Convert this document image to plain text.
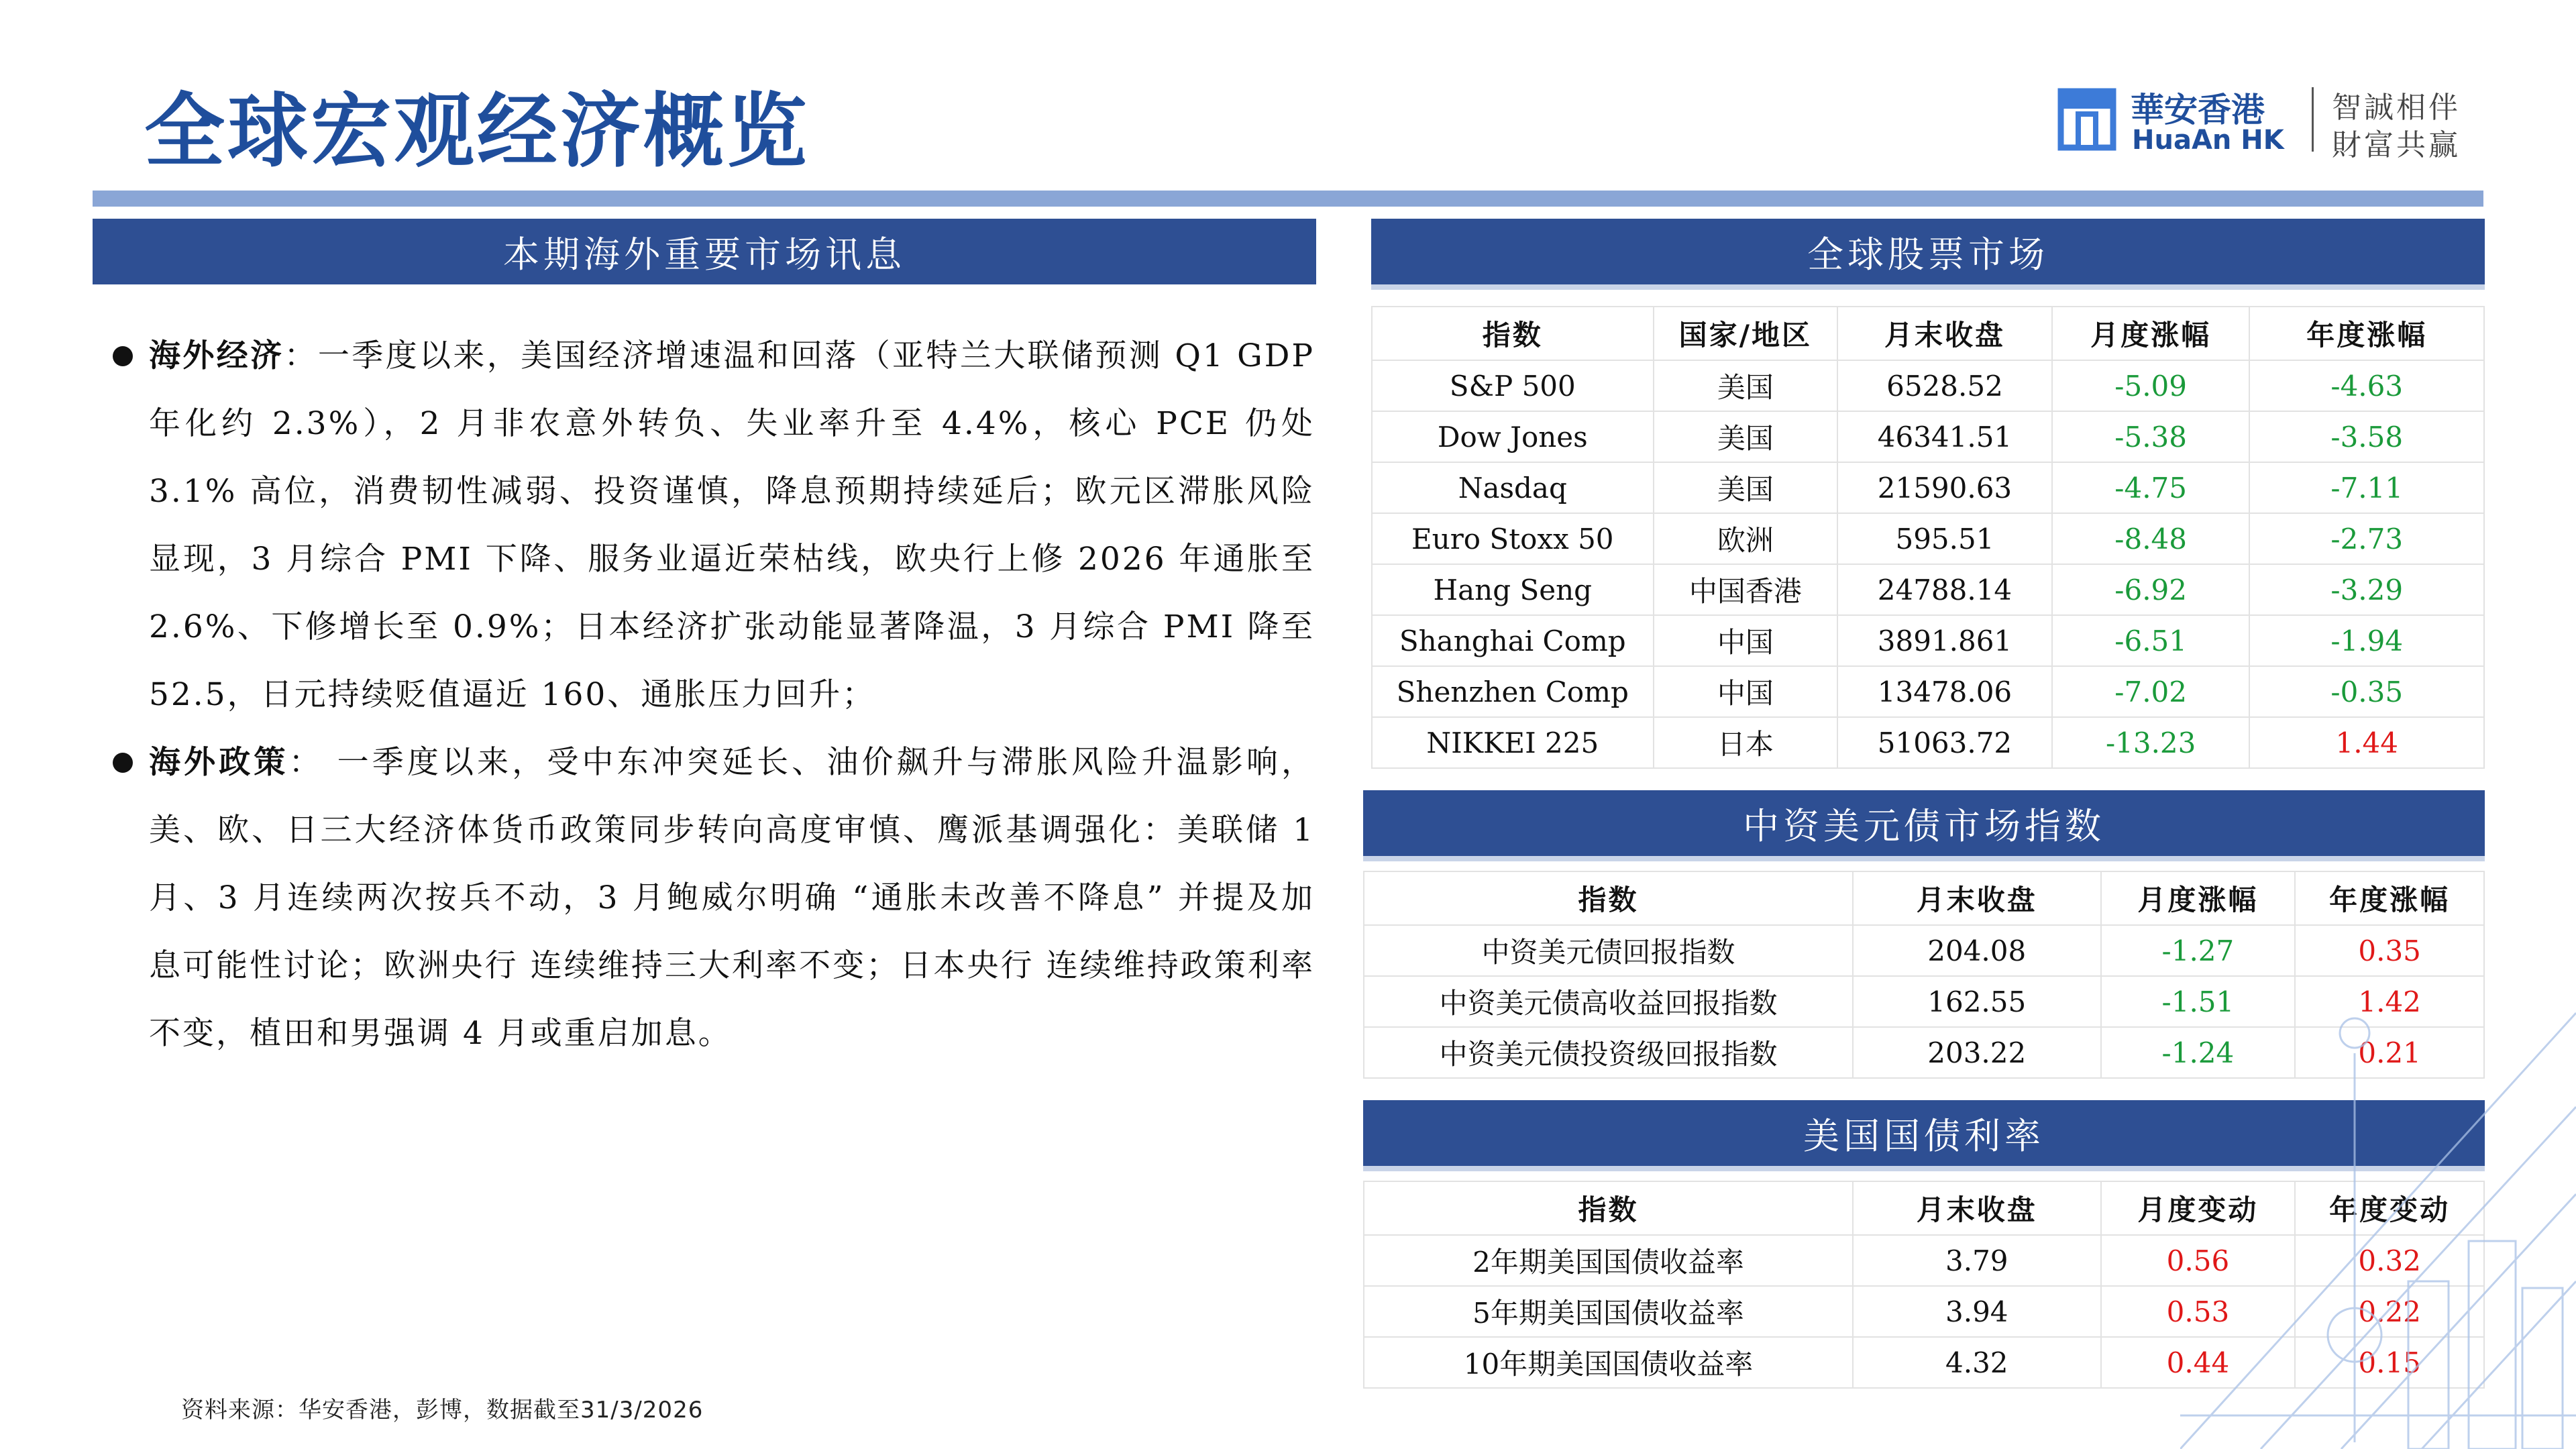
全球宏观经济概览	華安香港
HuaAn HK
智誠相伴
財富共赢
本期海外重要市场讯息
海外经济：一季度以来，美国经济增速温和回落（亚特兰大联储预测 Q1 GDP 年化约 2.3%），2 月非农意外转负、失业率升至 4.4%，核心 PCE 仍处 3.1% 高位，消费韧性减弱、投资谨慎，降息预期持续延后；欧元区滞胀风险显现，3 月综合 PMI 下降、服务业逼近荣枯线，欧央行上修 2026 年通胀至 2.6%、下修增长至 0.9%；日本经济扩张动能显著降温，3 月综合 PMI 降至 52.5，日元持续贬值逼近 160、通胀压力回升；
海外政策： 一季度以来，受中东冲突延长、油价飙升与滞胀风险升温影响，美、欧、日三大经济体货币政策同步转向高度审慎、鹰派基调强化：美联储 1 月、3 月连续两次按兵不动，3 月鲍威尔明确 “通胀未改善不降息” 并提及加息可能性讨论；欧洲央行 连续维持三大利率不变；日本央行 连续维持政策利率 不变，植田和男强调 4 月或重启加息。
全球股票市场
指数	国家/地区	月末收盘	月度涨幅	年度涨幅
S&P 500	美国	6528.52	-5.09	-4.63
Dow Jones	美国	46341.51	-5.38	-3.58
Nasdaq	美国	21590.63	-4.75	-7.11
Euro Stoxx 50	欧洲	595.51	-8.48	-2.73
Hang Seng	中国香港	24788.14	-6.92	-3.29
Shanghai Comp	中国	3891.861	-6.51	-1.94
Shenzhen Comp	中国	13478.06	-7.02	-0.35
NIKKEI 225	日本	51063.72	-13.23	1.44
中资美元债市场指数
指数	月末收盘	月度涨幅	年度涨幅
中资美元债回报指数	204.08	-1.27	0.35
中资美元债高收益回报指数	162.55	-1.51	1.42
中资美元债投资级回报指数	203.22	-1.24	0.21
美国国债利率
指数	月末收盘	月度变动	年度变动
2年期美国国债收益率	3.79	0.56	0.32
5年期美国国债收益率	3.94	0.53	0.22
10年期美国国债收益率	4.32	0.44	0.15
资料来源：华安香港，彭博，数据截至31/3/2026
